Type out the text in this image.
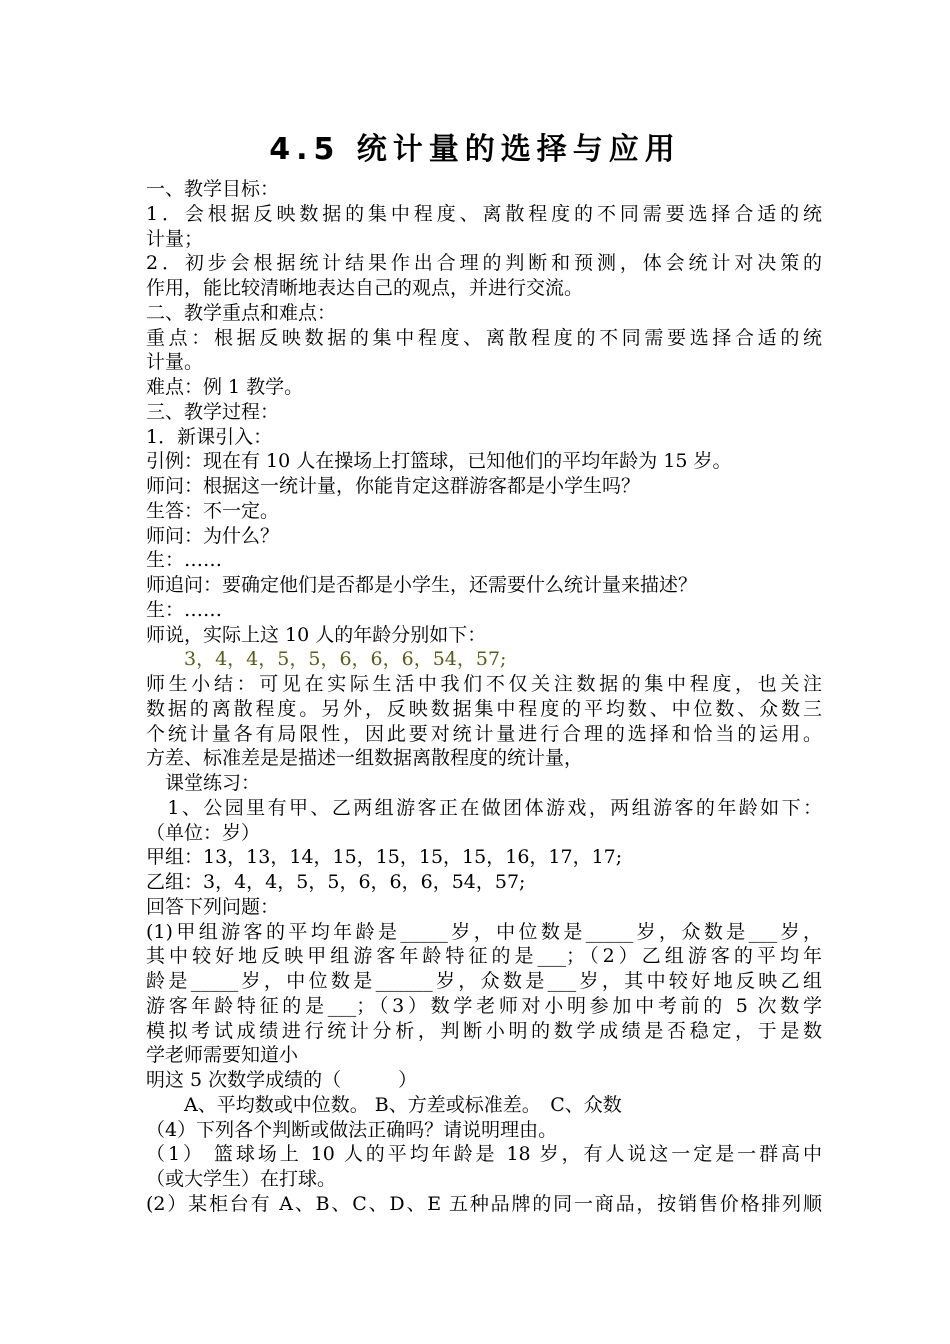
4.5 统计量的选择与应用
一、教学目标：
1．会根据反映数据的集中程度、离散程度的不同需要选择合适的统
计量；
2．初步会根据统计结果作出合理的判断和预测，体会统计对决策的
作用，能比较清晰地表达自己的观点，并进行交流。
二、教学重点和难点：
重点：根据反映数据的集中程度、离散程度的不同需要选择合适的统
计量。
难点：例 1 教学。
三、教学过程：
1．新课引入：
引例：现在有 10 人在操场上打篮球，已知他们的平均年龄为 15 岁。
师问：根据这一统计量，你能肯定这群游客都是小学生吗？
生答：不一定。
师问：为什么？
生：……
师追问：要确定他们是否都是小学生，还需要什么统计量来描述？
生：……
师说，实际上这 10 人的年龄分别如下：
　　3，4，4，5，5，6，6，6，54，57;
师生小结：可见在实际生活中我们不仅关注数据的集中程度，也关注
数据的离散程度。另外，反映数据集中程度的平均数、中位数、众数三
个统计量各有局限性，因此要对统计量进行合理的选择和恰当的运用。
方差、标准差是是描述一组数据离散程度的统计量，
　课堂练习：
　1、公园里有甲、乙两组游客正在做团体游戏，两组游客的年龄如下：
（单位：岁）
甲组：13，13，14，15，15，15，15，16，17，17;
乙组：3，4，4，5，5，6，6，6，54，57;
回答下列问题：
(1)甲组游客的平均年龄是_____岁，中位数是_____岁，众数是___岁，
其中较好地反映甲组游客年龄特征的是___；（2）乙组游客的平均年
龄是_____岁，中位数是______岁，众数是___岁，其中较好地反映乙组
游客年龄特征的是___；（3）数学老师对小明参加中考前的 5 次数学
模拟考试成绩进行统计分析，判断小明的数学成绩是否稳定，于是数
学老师需要知道小
明这 5 次数学成绩的（　　　）
　　A、平均数或中位数。 B、方差或标准差。　C、众数
（4）下列各个判断或做法正确吗？请说明理由。
（1） 篮球场上 10 人的平均年龄是 18 岁，有人说这一定是一群高中
（或大学生）在打球。
(2）某柜台有 A、B、C、D、E 五种品牌的同一商品，按销售价格排列顺
